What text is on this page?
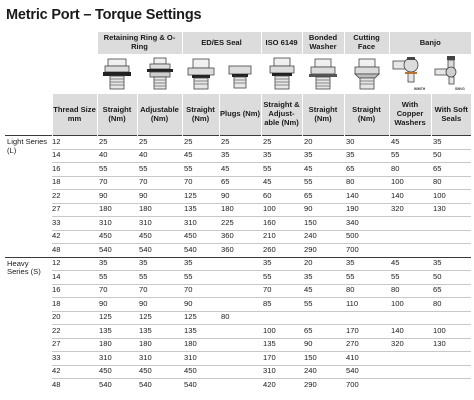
Metric Port – Torque Settings
		Retaining Ring & O-Ring		ED/ES Seal		ISO 6149	Bonded Washer	Cutting Face	Banjo	

WWITH	SWVG

	Thread Size mm	Straight (Nm)	Adjustable (Nm)	Straight (Nm)	Plugs (Nm)	Straight & Adjust-able (Nm)	Straight (Nm)	Straight (Nm)	With Copper Washers	With Soft Seals
Light Series (L)	12	25	25	25	25	25	20	30	45	35
	14	40	40	45	35	35	35	35	55	50
	16	55	55	55	45	55	45	65	80	65
	18	70	70	70	65	45	55	80	100	80
	22	90	90	125	90	60	65	140	140	100
	27	180	180	135	180	100	90	190	320	130
	33	310	310	310	225	160	150	340		
	42	450	450	450	360	210	240	500		
	48	540	540	540	360	260	290	700		
Heavy Series (S)	12	35	35	35		35	20	35	45	35
	14	55	55	55		55	35	55	55	50
	16	70	70	70		70	45	80	80	65
	18	90	90	90		85	55	110	100	80
	20	125	125	125	80					
	22	135	135	135		100	65	170	140	100
	27	180	180	180		135	90	270	320	130
	33	310	310	310		170	150	410		
	42	450	450	450		310	240	540		
	48	540	540	540		420	290	700		
